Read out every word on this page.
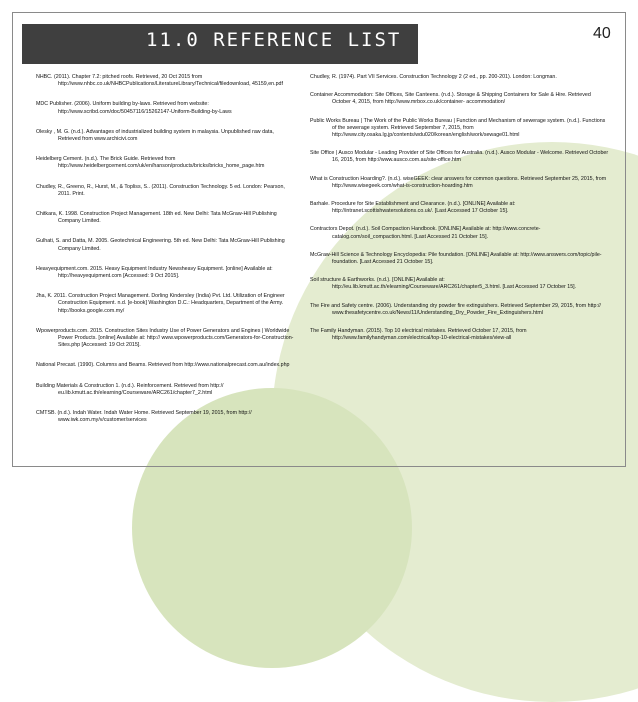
11.0 REFERENCE LIST	40

NHBC. (2011). Chapter 7.2: pitched roofs. Retrieved, 20 Oct 2015 from http://www.nhbc.co.uk/NHBCPublications/LiteratureLibrary/Technical/filedownload, 45159,en.pdf

MDC Publisher. (2006). Uniform building by-laws. Retrieved from website: http://www.scribd.com/doc/50457116/15262147-Uniform-Building-by-Laws

Olesky , M. G. (n.d.). Advantages of industrialized building system in malaysia. Unpublished raw data, Retrieved from www.archicivi.com

Heidelberg Cement. (n.d.). The Brick Guide. Retrieved from http://www.heidelbergcement.com/uk/en/hanson/products/bricks/bricks_home_page.htm

Chudley, R., Greeno, R., Hurst, M., & Topliss, S.. (2011). Construction Technology. 5 ed. London: Pearson, 2011. Print.

Chitkara, K. 1998. Construction Project Management. 18th ed. New Delhi: Tata McGraw-Hill Publishing Company Limited.

Gulhati, S. and Datta, M. 2005. Geotechnical Engineering. 5th ed. New Delhi: Tata McGraw-Hill Publishing Company Limited.

Heavyequipment.com. 2015. Heavy Equipment Industry Newsheavy Equipment. [online] Available at: http://heavyequipment.com [Accessed: 9 Oct 2015].

Jha, K. 2011. Construction Project Management. Dorling Kindersley (India) Pvt. Ltd. Utilization of Engineer Construction Equipment. n.d. [e-book] Washington D.C.: Headquarters, Department of the Army. http://books.google.com.my/

Wpowerproducts.com. 2015. Construction Sites Industry Use of Power Generators and Engines | Worldwide Power Products. [online] Available at: http:// www.wpowerproducts.com/Generators-for-Construction-Sites.php [Accessed: 19 Oct 2015].

National Precast. (1990). Columns and Beams. Retrieved from http://www.nationalprecast.com.au/index.php

Building Materials & Construction 1. (n.d.). Reinforcement. Retrieved from http:// eu.lib.kmutt.ac.th/elearning/Courseware/ARC261/chapter7_2.html

CMTSB. (n.d.). Indah Water. Indah Water Home. Retrieved September 19, 2015, from http:// www.iwk.com.my/v/customer/services

Chudley, R. (1974). Part VII Services. Construction Technology 2 (2 ed., pp. 200-201). London: Longman.

Container Accommodation: Site Offices, Site Canteens. (n.d.). Storage & Shipping Containers for Sale & Hire. Retrieved October 4, 2015, from http://www.mrbox.co.uk/container- accommodation/

Public Works Bureau | The Work of the Public Works Bureau | Function and Mechanism of sewerage system. (n.d.). Functions of the sewerage system. Retrieved September 7, 2015, from http://www.city.osaka.lg.jp/contents/wdu020/korean/english/work/sewage01.html

Site Office | Ausco Modular - Leading Provider of Site Offices for Australia. (n.d.). Ausco Modular - Welcome. Retrieved October 16, 2015, from http://www.ausco.com.au/site-office.htm

What is Construction Hoarding?. (n.d.). wiseGEEK: clear answers for common questions. Retrieved September 25, 2015, from http://www.wisegeek.com/what-is-construction-hoarding.htm

Barhale. Procedure for Site Establishment and Clearance. (n.d.). [ONLINE] Available at: http://intranet.scottishwatersolutions.co.uk/. [Last Accessed 17 October 15].

Contractors Depot. (n.d.). Soil Compaction Handbook. [ONLINE] Available at: http://www.concrete-catalog.com/soil_compaction.html. [Last Accessed 21 October 15].

McGraw-Hill Science & Technology Encyclopedia: Pile foundation. [ONLINE] Available at: http://www.answers.com/topic/pile-foundation. [Last Accessed 21 October 15].

Soil structure & Earthworks. (n.d.). [ONLINE] Available at: http://eu.lib.kmutt.ac.th/elearning/Courseware/ARC261/chapter5_3.html. [Last Accessed 17 October 15].

The Fire and Safety centre. (2006). Understanding dry powder fire extinguishers. Retrieved September 29, 2015, from http:// www.thesafetycentre.co.uk/News/11/Understanding_Dry_Powder_Fire_Extinguishers.html

The Family Handyman. (2015). Top 10 electrical mistakes. Retrieved October 17, 2015, from http://www.familyhandyman.com/electrical/top-10-electrical-mistakes/view-all
